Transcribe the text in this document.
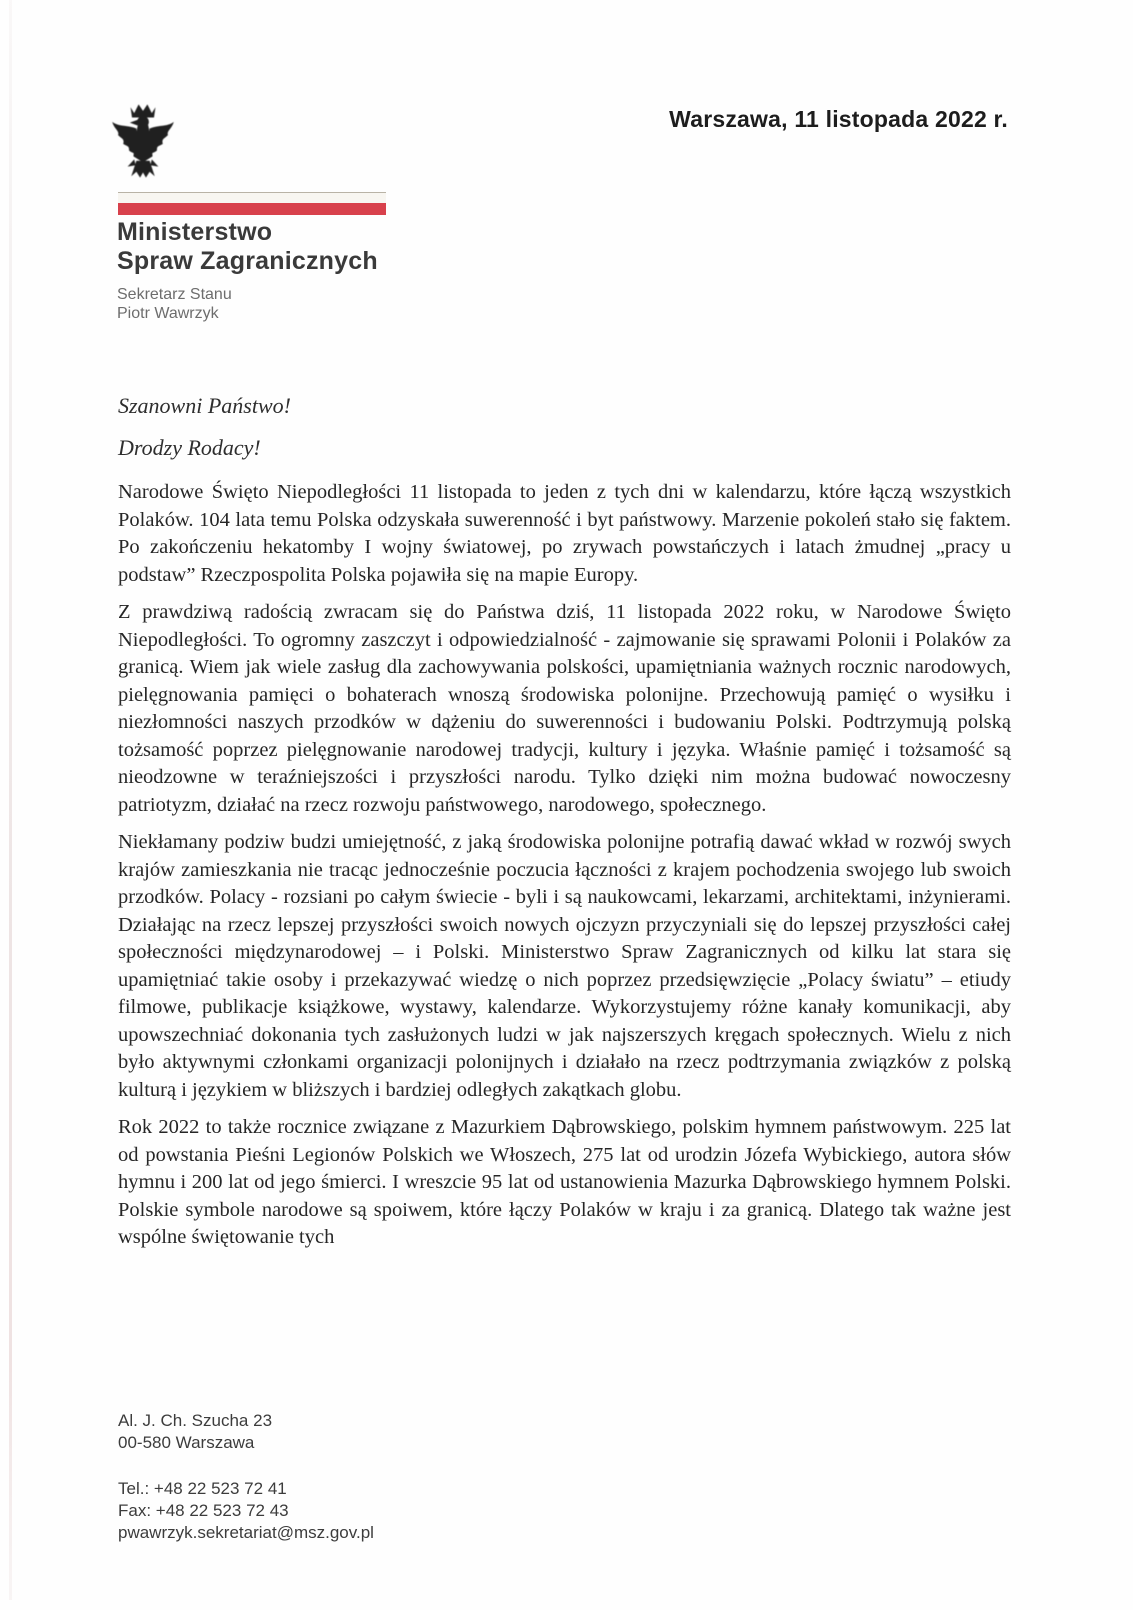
Warszawa, 11 listopada 2022 r.
Ministerstwo
Spraw Zagranicznych
Sekretarz Stanu
Piotr Wawrzyk
Szanowni Państwo!
Drodzy Rodacy!

Narodowe Święto Niepodległości 11 listopada to jeden z tych dni w kalendarzu, które łączą wszystkich Polaków. 104 lata temu Polska odzyskała suwerenność i byt państwowy. Marzenie pokoleń stało się faktem. Po zakończeniu hekatomby I wojny światowej, po zrywach powstańczych i latach żmudnej „pracy u podstaw” Rzeczpospolita Polska pojawiła się na mapie Europy.

Z prawdziwą radością zwracam się do Państwa dziś, 11 listopada 2022 roku, w Narodowe Święto Niepodległości. To ogromny zaszczyt i odpowiedzialność - zajmowanie się sprawami Polonii i Polaków za granicą. Wiem jak wiele zasług dla zachowywania polskości, upamiętniania ważnych rocznic narodowych, pielęgnowania pamięci o bohaterach wnoszą środowiska polonijne. Przechowują pamięć o wysiłku i niezłomności naszych przodków w dążeniu do suwerenności i budowaniu Polski. Podtrzymują polską tożsamość poprzez pielęgnowanie narodowej tradycji, kultury i języka. Właśnie pamięć i tożsamość są nieodzowne w teraźniejszości i przyszłości narodu. Tylko dzięki nim można budować nowoczesny patriotyzm, działać na rzecz rozwoju państwowego, narodowego, społecznego.

Niekłamany podziw budzi umiejętność, z jaką środowiska polonijne potrafią dawać wkład w rozwój swych krajów zamieszkania nie tracąc jednocześnie poczucia łączności z krajem pochodzenia swojego lub swoich przodków. Polacy - rozsiani po całym świecie - byli i są naukowcami, lekarzami, architektami, inżynierami. Działając na rzecz lepszej przyszłości swoich nowych ojczyzn przyczyniali się do lepszej przyszłości całej społeczności międzynarodowej – i Polski. Ministerstwo Spraw Zagranicznych od kilku lat stara się upamiętniać takie osoby i przekazywać wiedzę o nich poprzez przedsięwzięcie „Polacy światu” – etiudy filmowe, publikacje książkowe, wystawy, kalendarze. Wykorzystujemy różne kanały komunikacji, aby upowszechniać dokonania tych zasłużonych ludzi w jak najszerszych kręgach społecznych. Wielu z nich było aktywnymi członkami organizacji polonijnych i działało na rzecz podtrzymania związków z polską kulturą i językiem w bliższych i bardziej odległych zakątkach globu.

Rok 2022 to także rocznice związane z Mazurkiem Dąbrowskiego, polskim hymnem państwowym. 225 lat od powstania Pieśni Legionów Polskich we Włoszech, 275 lat od urodzin Józefa Wybickiego, autora słów hymnu i 200 lat od jego śmierci. I wreszcie 95 lat od ustanowienia Mazurka Dąbrowskiego hymnem Polski. Polskie symbole narodowe są spoiwem, które łączy Polaków w kraju i za granicą. Dlatego tak ważne jest wspólne świętowanie tych

Al. J. Ch. Szucha 23
00-580 Warszawa
Tel.: +48 22 523 72 41
Fax: +48 22 523 72 43
pwawrzyk.sekretariat@msz.gov.pl
